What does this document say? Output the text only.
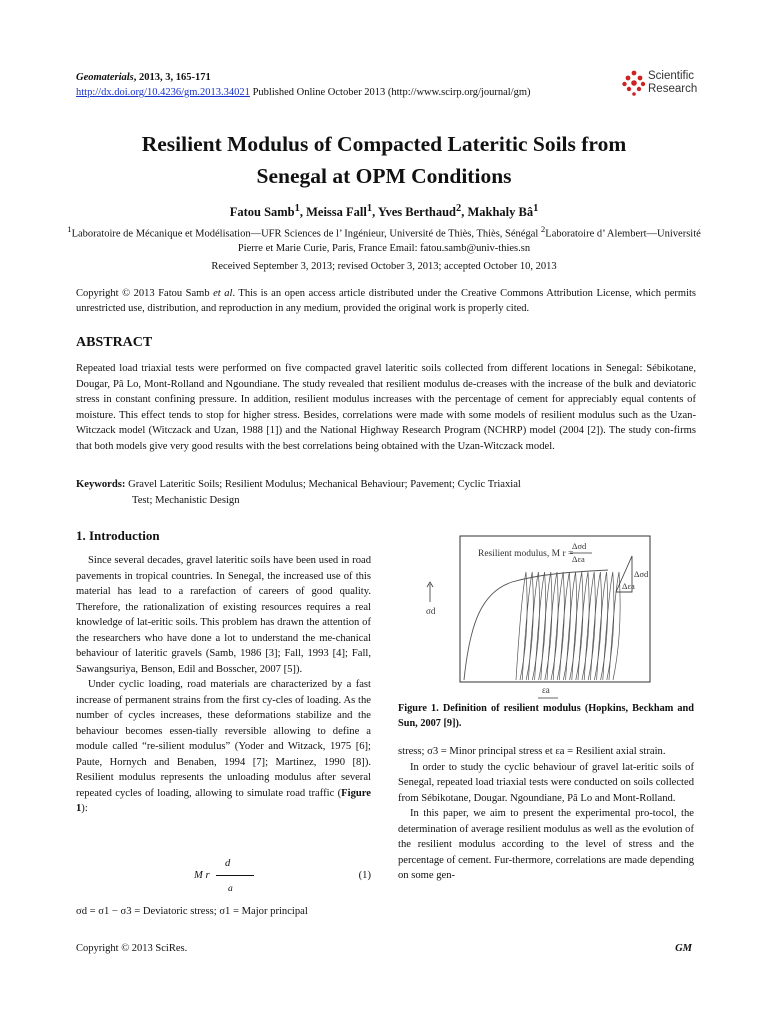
Geomaterials, 2013, 3, 165-171
http://dx.doi.org/10.4236/gm.2013.34021 Published Online October 2013 (http://www.scirp.org/journal/gm)
Scientific
Research
Resilient Modulus of Compacted Lateritic Soils from
Senegal at OPM Conditions
Fatou Samb$^1$, Meissa Fall$^1$, Yves Berthaud$^2$, Makhaly $Bâ^1$
$^1$Laboratoire de Mécanique et Modélisation—UFR Sciences de l’ Ingénieur, Université de Thiès, Thiès, Sénégal $^2$Laboratoire d’ Alembert—Université Pierre et Marie Curie, Paris, France Email: fatou.samb@univ-thies.sn
Received September 3, 2013; revised October 3, 2013; accepted October 10, 2013
Copyright © 2013 Fatou Samb et al. This is an open access article distributed under the Creative Commons Attribution License, which permits unrestricted use, distribution, and reproduction in any medium, provided the original work is properly cited.
ABSTRACT
Repeated load triaxial tests were performed on five compacted gravel lateritic soils collected from different locations in Senegal: Sébikotane, Dougar, Pâ Lo, Mont-Rolland and Ngoundiane. The study revealed that resilient modulus de-creases with the increase of the bulk and deviatoric stress in constant confining pressure. In addition, resilient modulus increases with the percentage of cement for appreciably equal contents of moisture. This effect tends to stop for higher stress. Besides, correlations were made with some models of resilient modulus such as the Uzan-Witczack model (Witczack and Uzan, 1988 [1]) and the National Highway Research Program (NCHRP) model (2004 [2]). The study con-firms that both models give very good results with the best correlations being obtained with the Uzan-Witczack model.
Keywords: Gravel Lateritic Soils; Resilient Modulus; Mechanical Behaviour; Pavement; Cyclic Triaxial
Test; Mechanistic Design
1. Introduction

Since several decades, gravel lateritic soils have been used in road pavements in tropical countries. In Senegal, the increased use of this material has lead to a rarefaction of careers of good quality. Therefore, the rationalization of existing resources requires a real knowledge of lat-eritic soils. This problem has drawn the attention of the researchers who have done a lot to understand the me-chanical behaviour of lateritic gravels (Samb, 1986 [3]; Fall, 1993 [4]; Fall, Sawangsuriya, Benson, Edil and Bosscher, 2007 [5]).

Under cyclic loading, road materials are characterized by a fast increase of permanent strains from the first cy-cles of loading. As the number of cycles increases, these deformations stabilize and the behaviour becomes essen-tially reversible allowing to define a module called “re-silient modulus” (Yoder and Witzack, 1975 [6]; Paute, Hornych and Benaben, 1994 [7]; Martinez, 1990 [8]). Resilient modulus represents the unloading modulus after several repeated cycles of loading, allowing to simulate road traffic (Figure 1):

M r
d
a
(1)
σd = σ1 − σ3 = Deviatoric stress; σ1 = Major principal
Resilient modulus, M r =
Δσd
Δεa
σd
εa
Δσd
Δεa
Figure 1. Definition of resilient modulus (Hopkins, Beckham and Sun, 2007 [9]).

stress; σ3 = Minor principal stress et εa = Resilient axial strain.

In order to study the cyclic behaviour of gravel lat-eritic soils of Senegal, repeated load triaxial tests were conducted on soils collected from Sébikotane, Dougar. Ngoundiane, Pâ Lo and Mont-Rolland.

In this paper, we aim to present the experimental pro-tocol, the determination of average resilient modulus as well as the evolution of the resilient modulus according to the level of stress and the percentage of cement. Fur-thermore, correlations are made depending on some gen-

Copyright © 2013 SciRes.	GM
